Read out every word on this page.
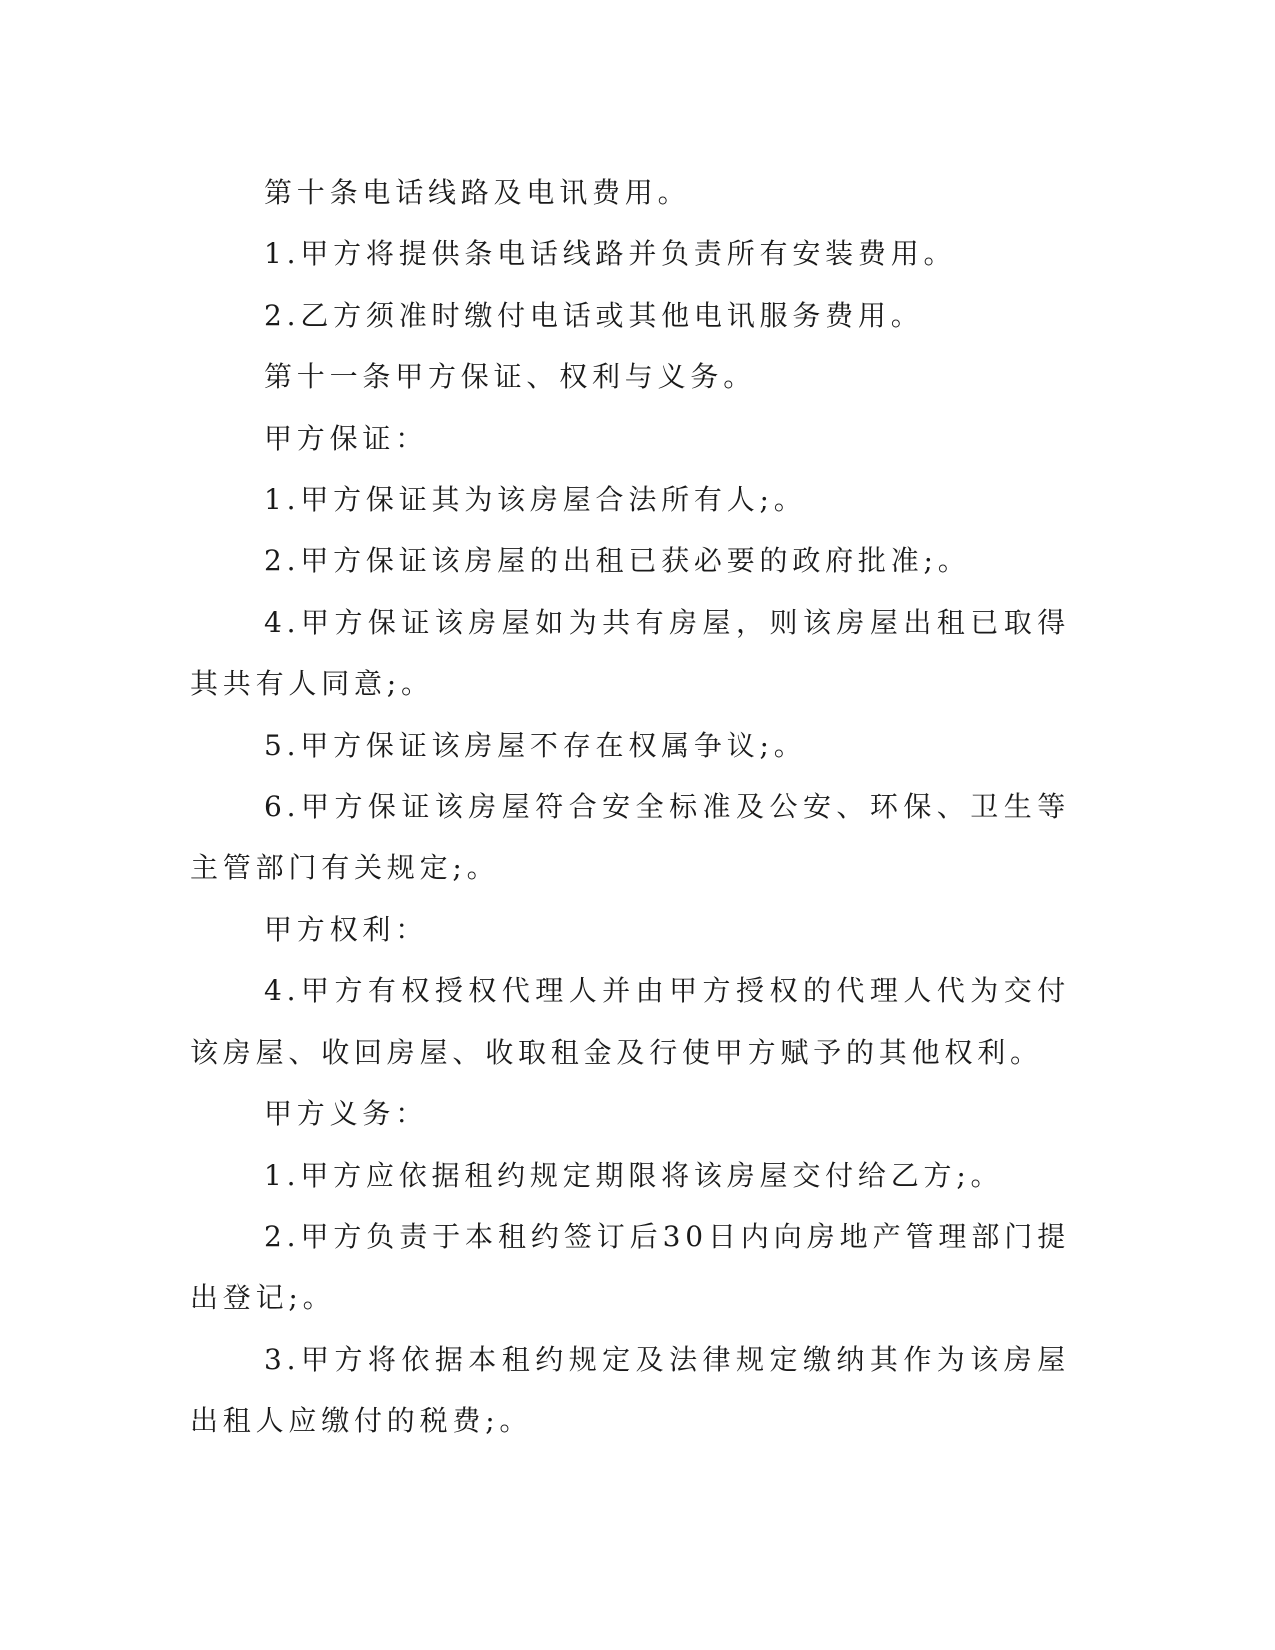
第十条电话线路及电讯费用。

1.甲方将提供条电话线路并负责所有安装费用。

2.乙方须准时缴付电话或其他电讯服务费用。

第十一条甲方保证、权利与义务。

甲方保证：

1.甲方保证其为该房屋合法所有人;。

2.甲方保证该房屋的出租已获必要的政府批准;。

4.甲方保证该房屋如为共有房屋，则该房屋出租已取得其共有人同意;。

5.甲方保证该房屋不存在权属争议;。

6.甲方保证该房屋符合安全标准及公安、环保、卫生等主管部门有关规定;。

甲方权利：

4.甲方有权授权代理人并由甲方授权的代理人代为交付该房屋、收回房屋、收取租金及行使甲方赋予的其他权利。

甲方义务：

1.甲方应依据租约规定期限将该房屋交付给乙方;。

2.甲方负责于本租约签订后30日内向房地产管理部门提出登记;。

3.甲方将依据本租约规定及法律规定缴纳其作为该房屋出租人应缴付的税费;。
